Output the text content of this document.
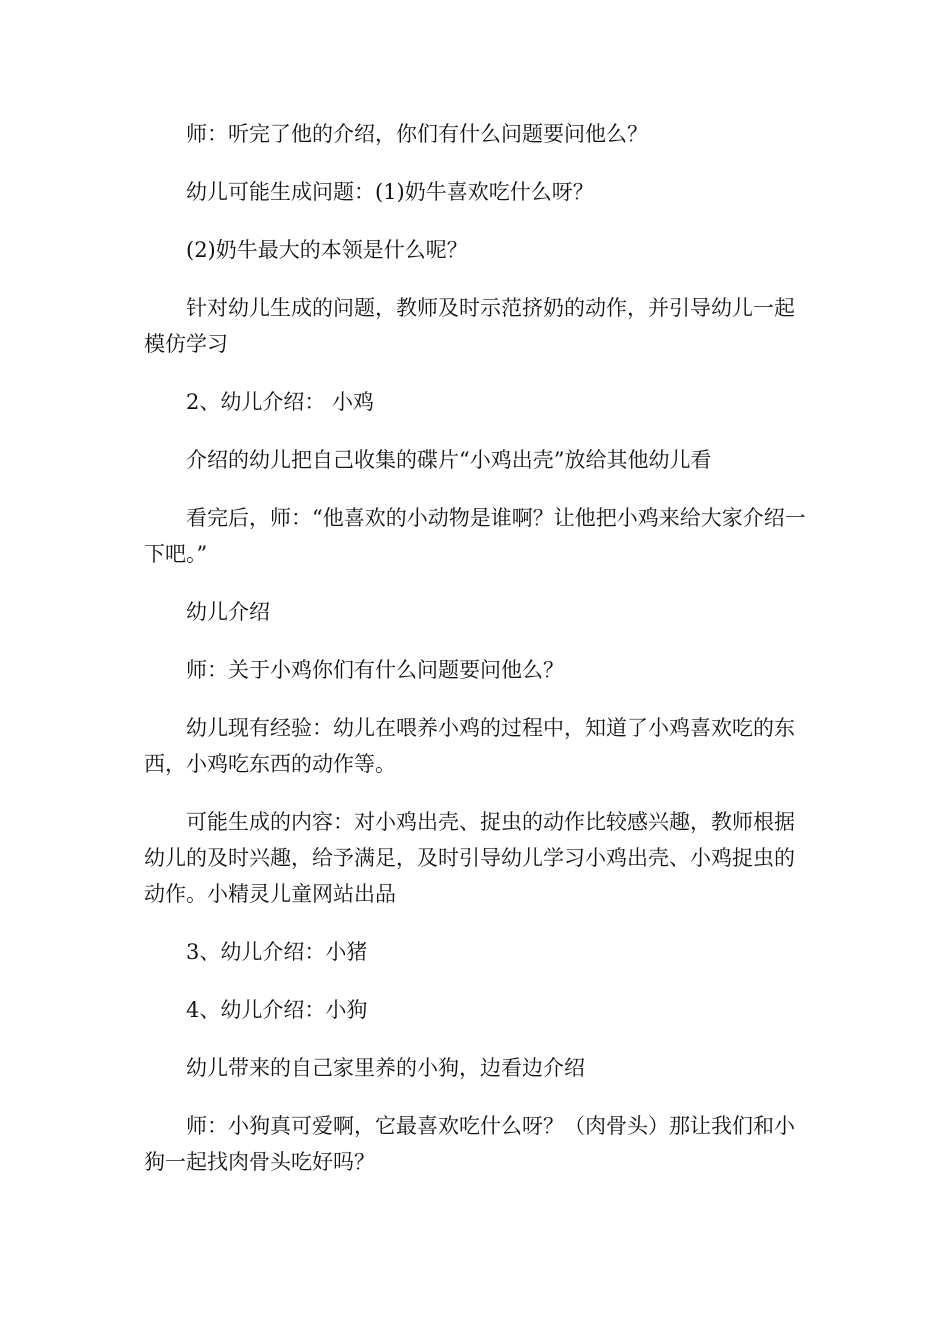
师：听完了他的介绍，你们有什么问题要问他么？

幼儿可能生成问题：(1)奶牛喜欢吃什么呀？

(2)奶牛最大的本领是什么呢？

针对幼儿生成的问题，教师及时示范挤奶的动作，并引导幼儿一起模仿学习

2、幼儿介绍： 小鸡

介绍的幼儿把自己收集的碟片“小鸡出壳”放给其他幼儿看

看完后，师：“他喜欢的小动物是谁啊？让他把小鸡来给大家介绍一下吧。”

幼儿介绍

师：关于小鸡你们有什么问题要问他么？

幼儿现有经验：幼儿在喂养小鸡的过程中，知道了小鸡喜欢吃的东西，小鸡吃东西的动作等。

可能生成的内容：对小鸡出壳、捉虫的动作比较感兴趣，教师根据幼儿的及时兴趣，给予满足，及时引导幼儿学习小鸡出壳、小鸡捉虫的动作。小精灵儿童网站出品

3、幼儿介绍：小猪

4、幼儿介绍：小狗

幼儿带来的自己家里养的小狗，边看边介绍

师：小狗真可爱啊，它最喜欢吃什么呀？（肉骨头）那让我们和小狗一起找肉骨头吃好吗？
